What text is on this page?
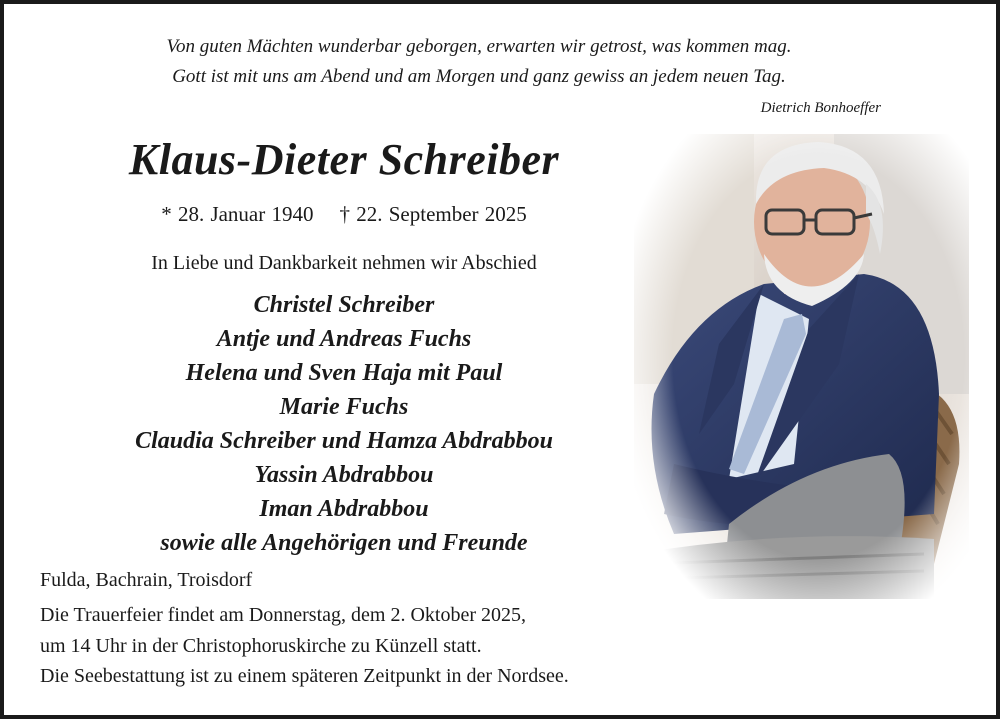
Von guten Mächten wunderbar geborgen, erwarten wir getrost, was kommen mag.
Gott ist mit uns am Abend und am Morgen und ganz gewiss an jedem neuen Tag.
Dietrich Bonhoeffer
Klaus-Dieter Schreiber
* 28. Januar 1940 † 22. September 2025
In Liebe und Dankbarkeit nehmen wir Abschied
Christel Schreiber
Antje und Andreas Fuchs
Helena und Sven Haja mit Paul
Marie Fuchs
Claudia Schreiber und Hamza Abdrabbou
Yassin Abdrabbou
Iman Abdrabbou
sowie alle Angehörigen und Freunde
Fulda, Bachrain, Troisdorf
Die Trauerfeier findet am Donnerstag, dem 2. Oktober 2025,
um 14 Uhr in der Christophoruskirche zu Künzell statt.
Die Seebestattung ist zu einem späteren Zeitpunkt in der Nordsee.
